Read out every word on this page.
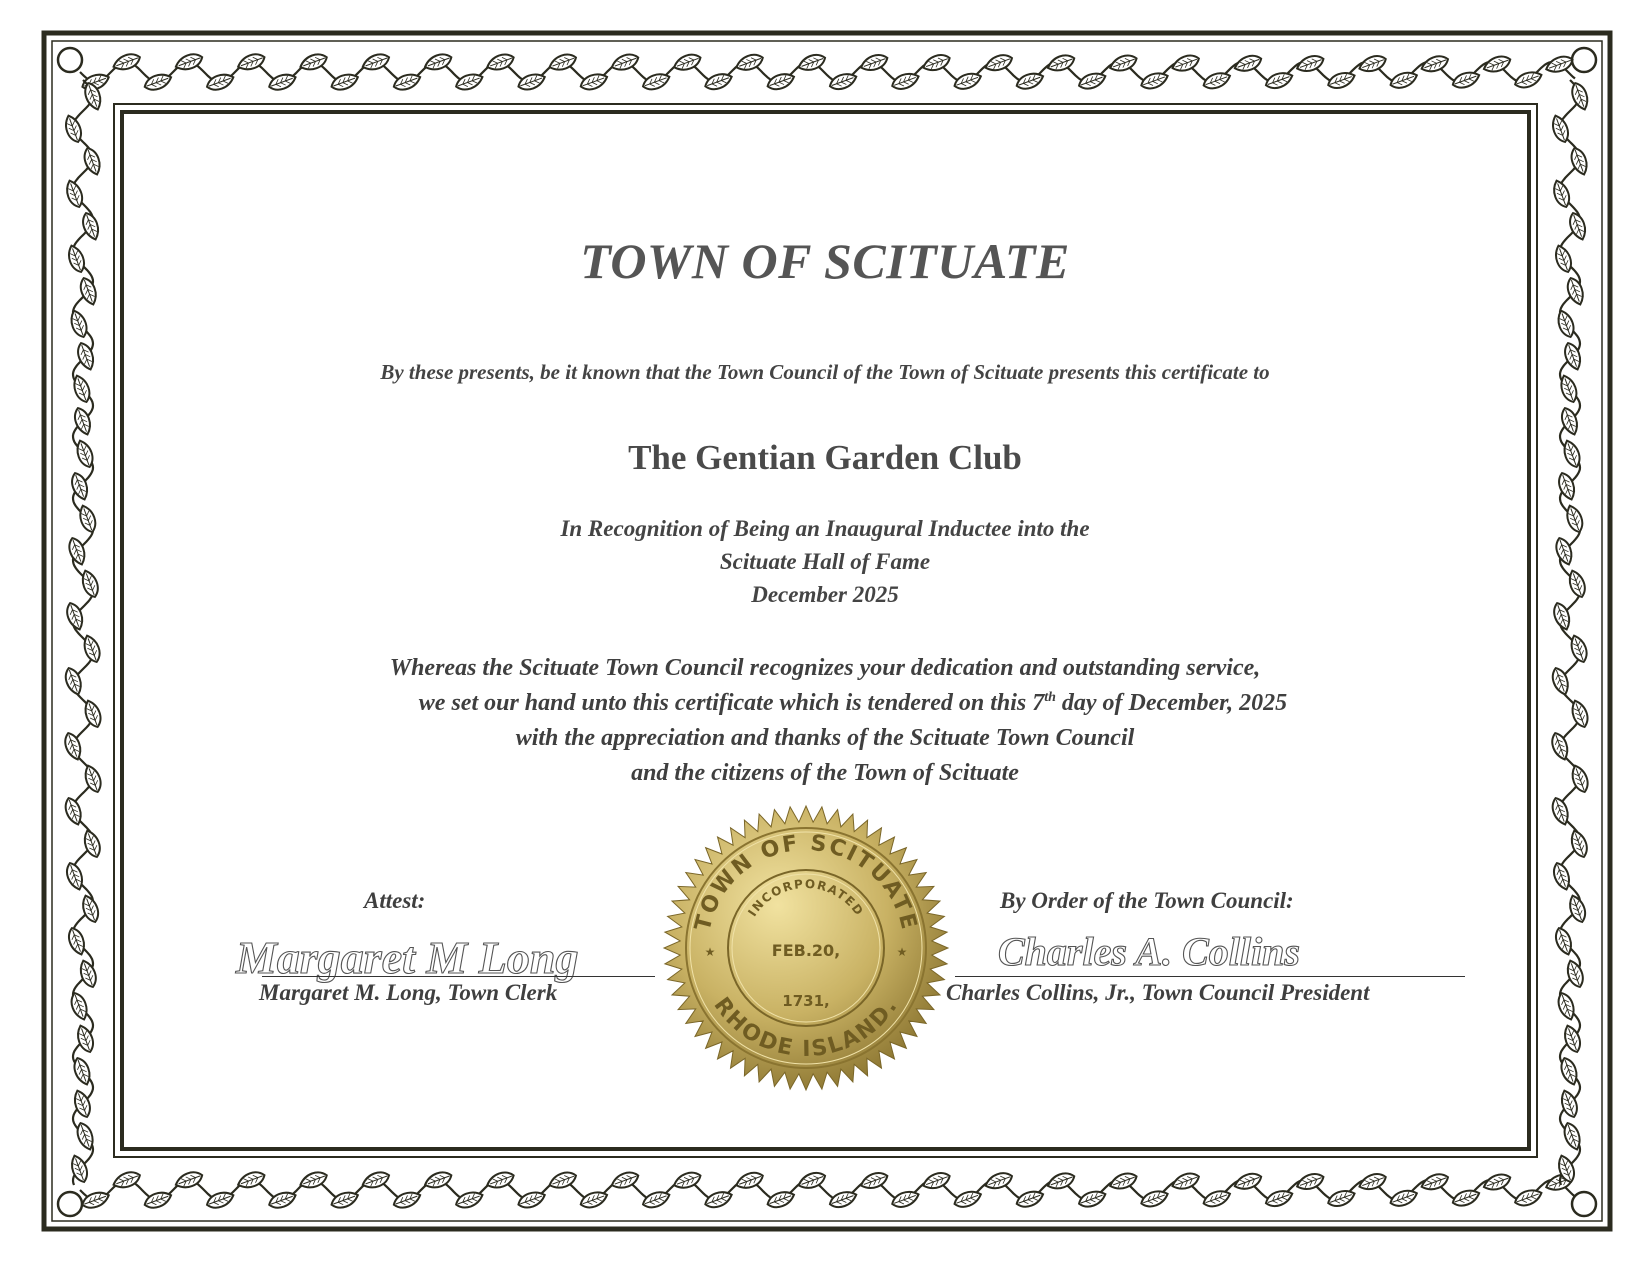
TOWN OF SCITUATE
By these presents, be it known that the Town Council of the Town of Scituate presents this certificate to
The Gentian Garden Club
In Recognition of Being an Inaugural Inductee into the
Scituate Hall of Fame
December 2025
Whereas the Scituate Town Council recognizes your dedication and outstanding service,
we set our hand unto this certificate which is tendered on this 7th day of December, 2025
with the appreciation and thanks of the Scituate Town Council
and the citizens of the Town of Scituate
Attest:
Margaret M Long
Margaret M. Long, Town Clerk
By Order of the Town Council:
Charles A. Collins
Charles Collins, Jr., Town Council President
TOWN OF SCITUATE
RHODE ISLAND.
INCORPORATED
FEB.20,
1731,
★	★
